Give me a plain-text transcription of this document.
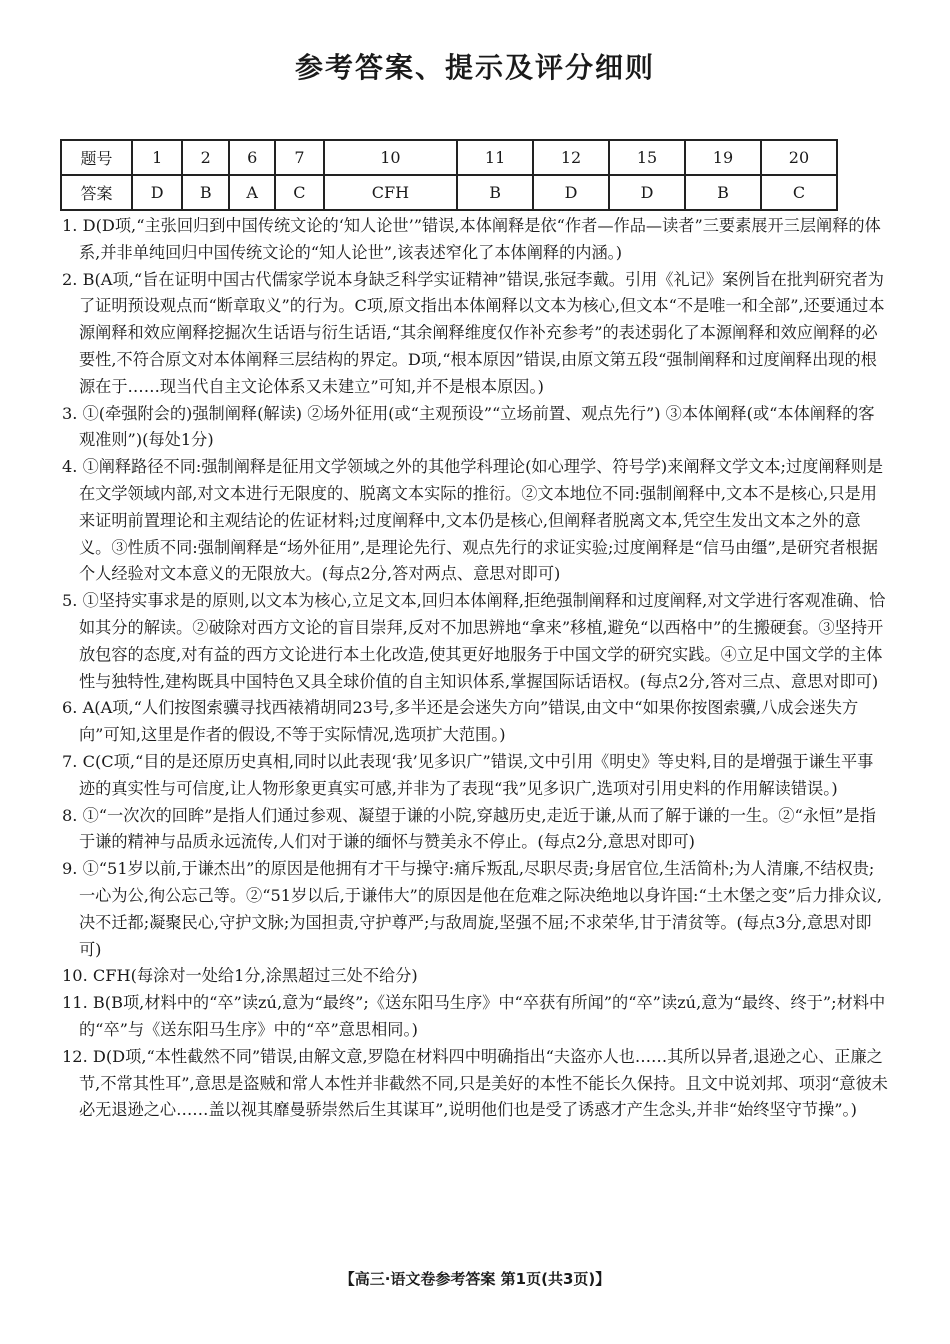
参考答案、提示及评分细则
题号	1	2	6	7	10	11	12	15	19	20
答案	D	B	A	C	CFH	B	D	D	B	C

1. D(D项,“主张回归到中国传统文论的‘知人论世’”错误,本体阐释是依“作者—作品—读者”三要素展开三层阐释的体系,并非单纯回归中国传统文论的“知人论世”,该表述窄化了本体阐释的内涵。)

2. B(A项,“旨在证明中国古代儒家学说本身缺乏科学实证精神”错误,张冠李戴。引用《礼记》案例旨在批判研究者为了证明预设观点而“断章取义”的行为。C项,原文指出本体阐释以文本为核心,但文本“不是唯一和全部”,还要通过本源阐释和效应阐释挖掘次生话语与衍生话语,“其余阐释维度仅作补充参考”的表述弱化了本源阐释和效应阐释的必要性,不符合原文对本体阐释三层结构的界定。D项,“根本原因”错误,由原文第五段“强制阐释和过度阐释出现的根源在于……现当代自主文论体系又未建立”可知,并不是根本原因。)

3. ①(牵强附会的)强制阐释(解读) ②场外征用(或“主观预设”“立场前置、观点先行”) ③本体阐释(或“本体阐释的客观准则”)(每处1分)

4. ①阐释路径不同:强制阐释是征用文学领域之外的其他学科理论(如心理学、符号学)来阐释文学文本;过度阐释则是在文学领域内部,对文本进行无限度的、脱离文本实际的推衍。②文本地位不同:强制阐释中,文本不是核心,只是用来证明前置理论和主观结论的佐证材料;过度阐释中,文本仍是核心,但阐释者脱离文本,凭空生发出文本之外的意义。③性质不同:强制阐释是“场外征用”,是理论先行、观点先行的求证实验;过度阐释是“信马由缰”,是研究者根据个人经验对文本意义的无限放大。(每点2分,答对两点、意思对即可)

5. ①坚持实事求是的原则,以文本为核心,立足文本,回归本体阐释,拒绝强制阐释和过度阐释,对文学进行客观准确、恰如其分的解读。②破除对西方文论的盲目崇拜,反对不加思辨地“拿来”移植,避免“以西格中”的生搬硬套。③坚持开放包容的态度,对有益的西方文论进行本土化改造,使其更好地服务于中国文学的研究实践。④立足中国文学的主体性与独特性,建构既具中国特色又具全球价值的自主知识体系,掌握国际话语权。(每点2分,答对三点、意思对即可)

6. A(A项,“人们按图索骥寻找西裱褙胡同23号,多半还是会迷失方向”错误,由文中“如果你按图索骥,八成会迷失方向”可知,这里是作者的假设,不等于实际情况,选项扩大范围。)

7. C(C项,“目的是还原历史真相,同时以此表现‘我’见多识广”错误,文中引用《明史》等史料,目的是增强于谦生平事迹的真实性与可信度,让人物形象更真实可感,并非为了表现“我”见多识广,选项对引用史料的作用解读错误。)

8. ①“一次次的回眸”是指人们通过参观、凝望于谦的小院,穿越历史,走近于谦,从而了解于谦的一生。②“永恒”是指于谦的精神与品质永远流传,人们对于谦的缅怀与赞美永不停止。(每点2分,意思对即可)

9. ①“51岁以前,于谦杰出”的原因是他拥有才干与操守:痛斥叛乱,尽职尽责;身居官位,生活简朴;为人清廉,不结权贵;一心为公,徇公忘己等。②“51岁以后,于谦伟大”的原因是他在危难之际决绝地以身许国:“土木堡之变”后力排众议,决不迁都;凝聚民心,守护文脉;为国担责,守护尊严;与敌周旋,坚强不屈;不求荣华,甘于清贫等。(每点3分,意思对即可)

10. CFH(每涂对一处给1分,涂黑超过三处不给分)

11. B(B项,材料中的“卒”读zú,意为“最终”;《送东阳马生序》中“卒获有所闻”的“卒”读zú,意为“最终、终于”;材料中的“卒”与《送东阳马生序》中的“卒”意思相同。)

12. D(D项,“本性截然不同”错误,由解文意,罗隐在材料四中明确指出“夫盗亦人也……其所以异者,退逊之心、正廉之节,不常其性耳”,意思是盗贼和常人本性并非截然不同,只是美好的本性不能长久保持。且文中说刘邦、项羽“意彼未必无退逊之心……盖以视其靡曼骄崇然后生其谋耳”,说明他们也是受了诱惑才产生念头,并非“始终坚守节操”。)

【高三·语文卷参考答案 第1页(共3页)】
